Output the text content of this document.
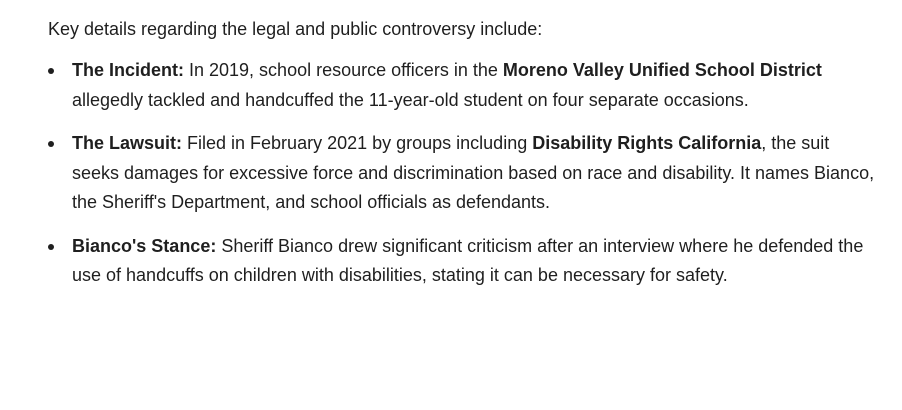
Key details regarding the legal and public controversy include:

The Incident: In 2019, school resource officers in the Moreno Valley Unified School District allegedly tackled and handcuffed the 11-year-old student on four separate occasions.
The Lawsuit: Filed in February 2021 by groups including Disability Rights California, the suit seeks damages for excessive force and discrimination based on race and disability. It names Bianco, the Sheriff's Department, and school officials as defendants.
Bianco's Stance: Sheriff Bianco drew significant criticism after an interview where he defended the use of handcuffs on children with disabilities, stating it can be necessary for safety.
